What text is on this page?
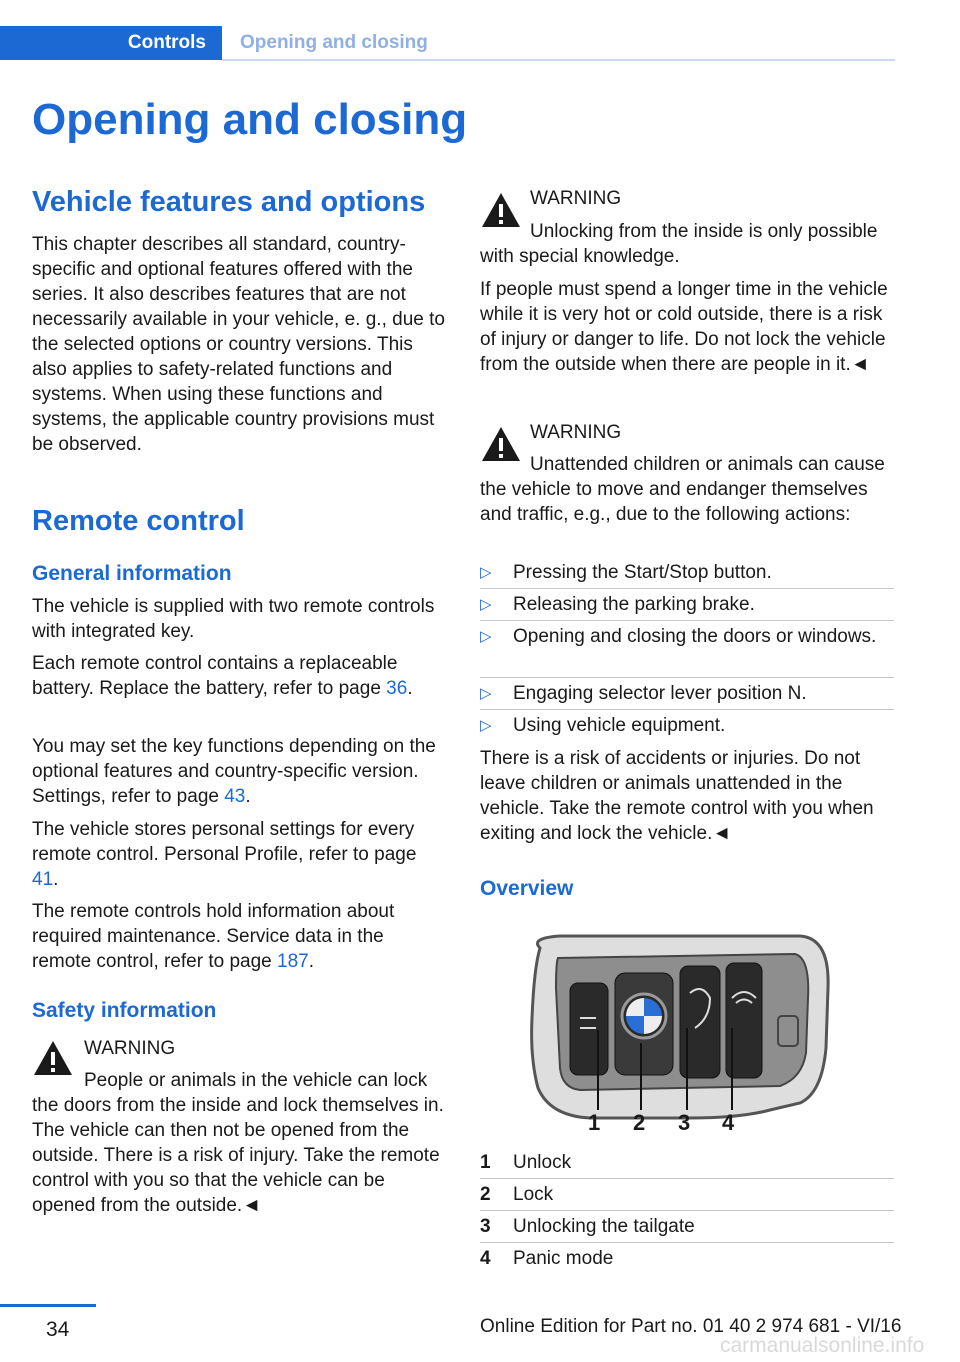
Controls	Opening and closing
Opening and closing
Vehicle features and options

This chapter describes all standard, country-specific and optional features offered with the series. It also describes features that are not necessarily available in your vehicle, e. g., due to the selected options or country versions. This also applies to safety-related functions and systems. When using these functions and systems, the applicable country provisions must be observed.

Remote control
General information

The vehicle is supplied with two remote controls with integrated key.

Each remote control contains a replaceable battery. Replace the battery, refer to page 36.

You may set the key functions depending on the optional features and country-specific version. Settings, refer to page 43.

The vehicle stores personal settings for every remote control. Personal Profile, refer to page 41.

The remote controls hold information about required maintenance. Service data in the remote control, refer to page 187.

Safety information
WARNING

People or animals in the vehicle can lock the doors from the inside and lock themselves in. The vehicle can then not be opened from the outside. There is a risk of injury. Take the remote control with you so that the vehicle can be opened from the outside.◄

WARNING

Unlocking from the inside is only possible with special knowledge.

If people must spend a longer time in the vehicle while it is very hot or cold outside, there is a risk of injury or danger to life. Do not lock the vehicle from the outside when there are people in it.◄

WARNING

Unattended children or animals can cause the vehicle to move and endanger themselves and traffic, e.g., due to the following actions:

▷ Pressing the Start/Stop button.
▷ Releasing the parking brake.
▷ Opening and closing the doors or windows.
▷ Engaging selector lever position N.
▷ Using vehicle equipment.

There is a risk of accidents or injuries. Do not leave children or animals unattended in the vehicle. Take the remote control with you when exiting and lock the vehicle.◄

Overview
1 2 3 4
1 Unlock
2 Lock
3 Unlocking the tailgate
4 Panic mode
34	Online Edition for Part no. 01 40 2 974 681 - VI/16
carmanualsonline.info
